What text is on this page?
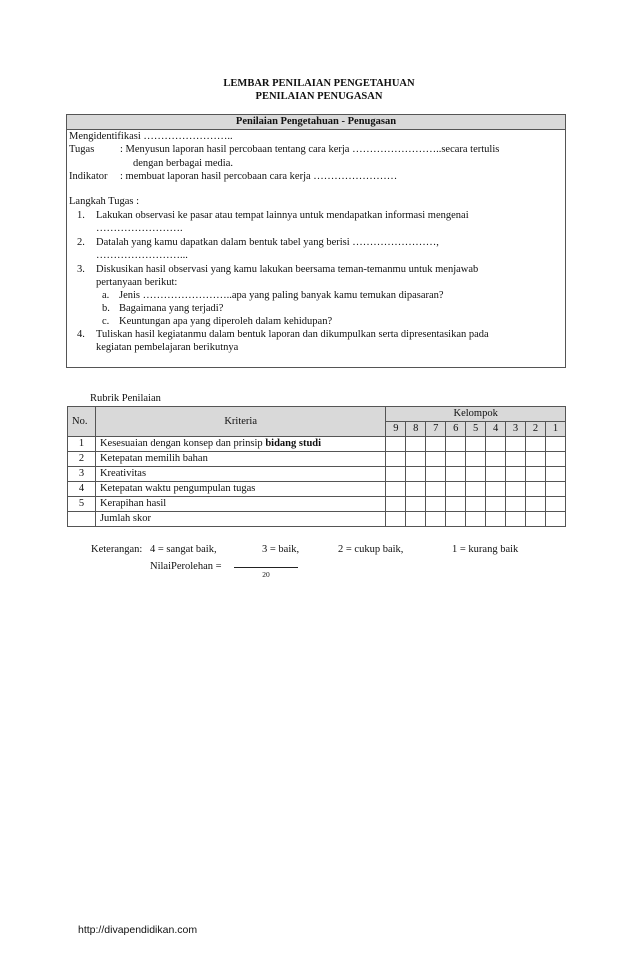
LEMBAR PENILAIAN PENGETAHUAN
PENILAIAN PENUGASAN
Penilaian Pengetahuan - Penugasan
Mengidentifikasi ……………………..
Tugas : Menyusun laporan hasil percobaan tentang cara kerja ……………………..secara tertulis
dengan berbagai media.
Indikator : membuat laporan hasil percobaan cara kerja ……………………
Langkah Tugas :
1. Lakukan observasi ke pasar atau tempat lainnya untuk mendapatkan informasi mengenai
…………………….
2. Datalah yang kamu dapatkan dalam bentuk tabel yang berisi ……………………,
……………………...
3. Diskusikan hasil observasi yang kamu lakukan beersama teman-temanmu untuk menjawab
pertanyaan berikut:
a. Jenis ……………………..apa yang paling banyak kamu temukan dipasaran?
b. Bagaimana yang terjadi?
c. Keuntungan apa yang diperoleh dalam kehidupan?
4. Tuliskan hasil kegiatanmu dalam bentuk laporan dan dikumpulkan serta dipresentasikan pada
kegiatan pembelajaran berikutnya
Rubrik Penilaian
No.	Kriteria	Kelompok								
		9	8	7	6	5	4	3	2	1
1	Kesesuaian dengan konsep dan prinsip bidang studi									
2	Ketepatan memilih bahan									
3	Kreativitas									
4	Ketepatan waktu pengumpulan tugas									
5	Kerapihan hasil									
	Jumlah skor									
Keterangan: 4 = sangat baik,	3 = baik,	2 = cukup baik,	1 = kurang baik
NilaiPerolehan =
20
http://divapendidikan.com
